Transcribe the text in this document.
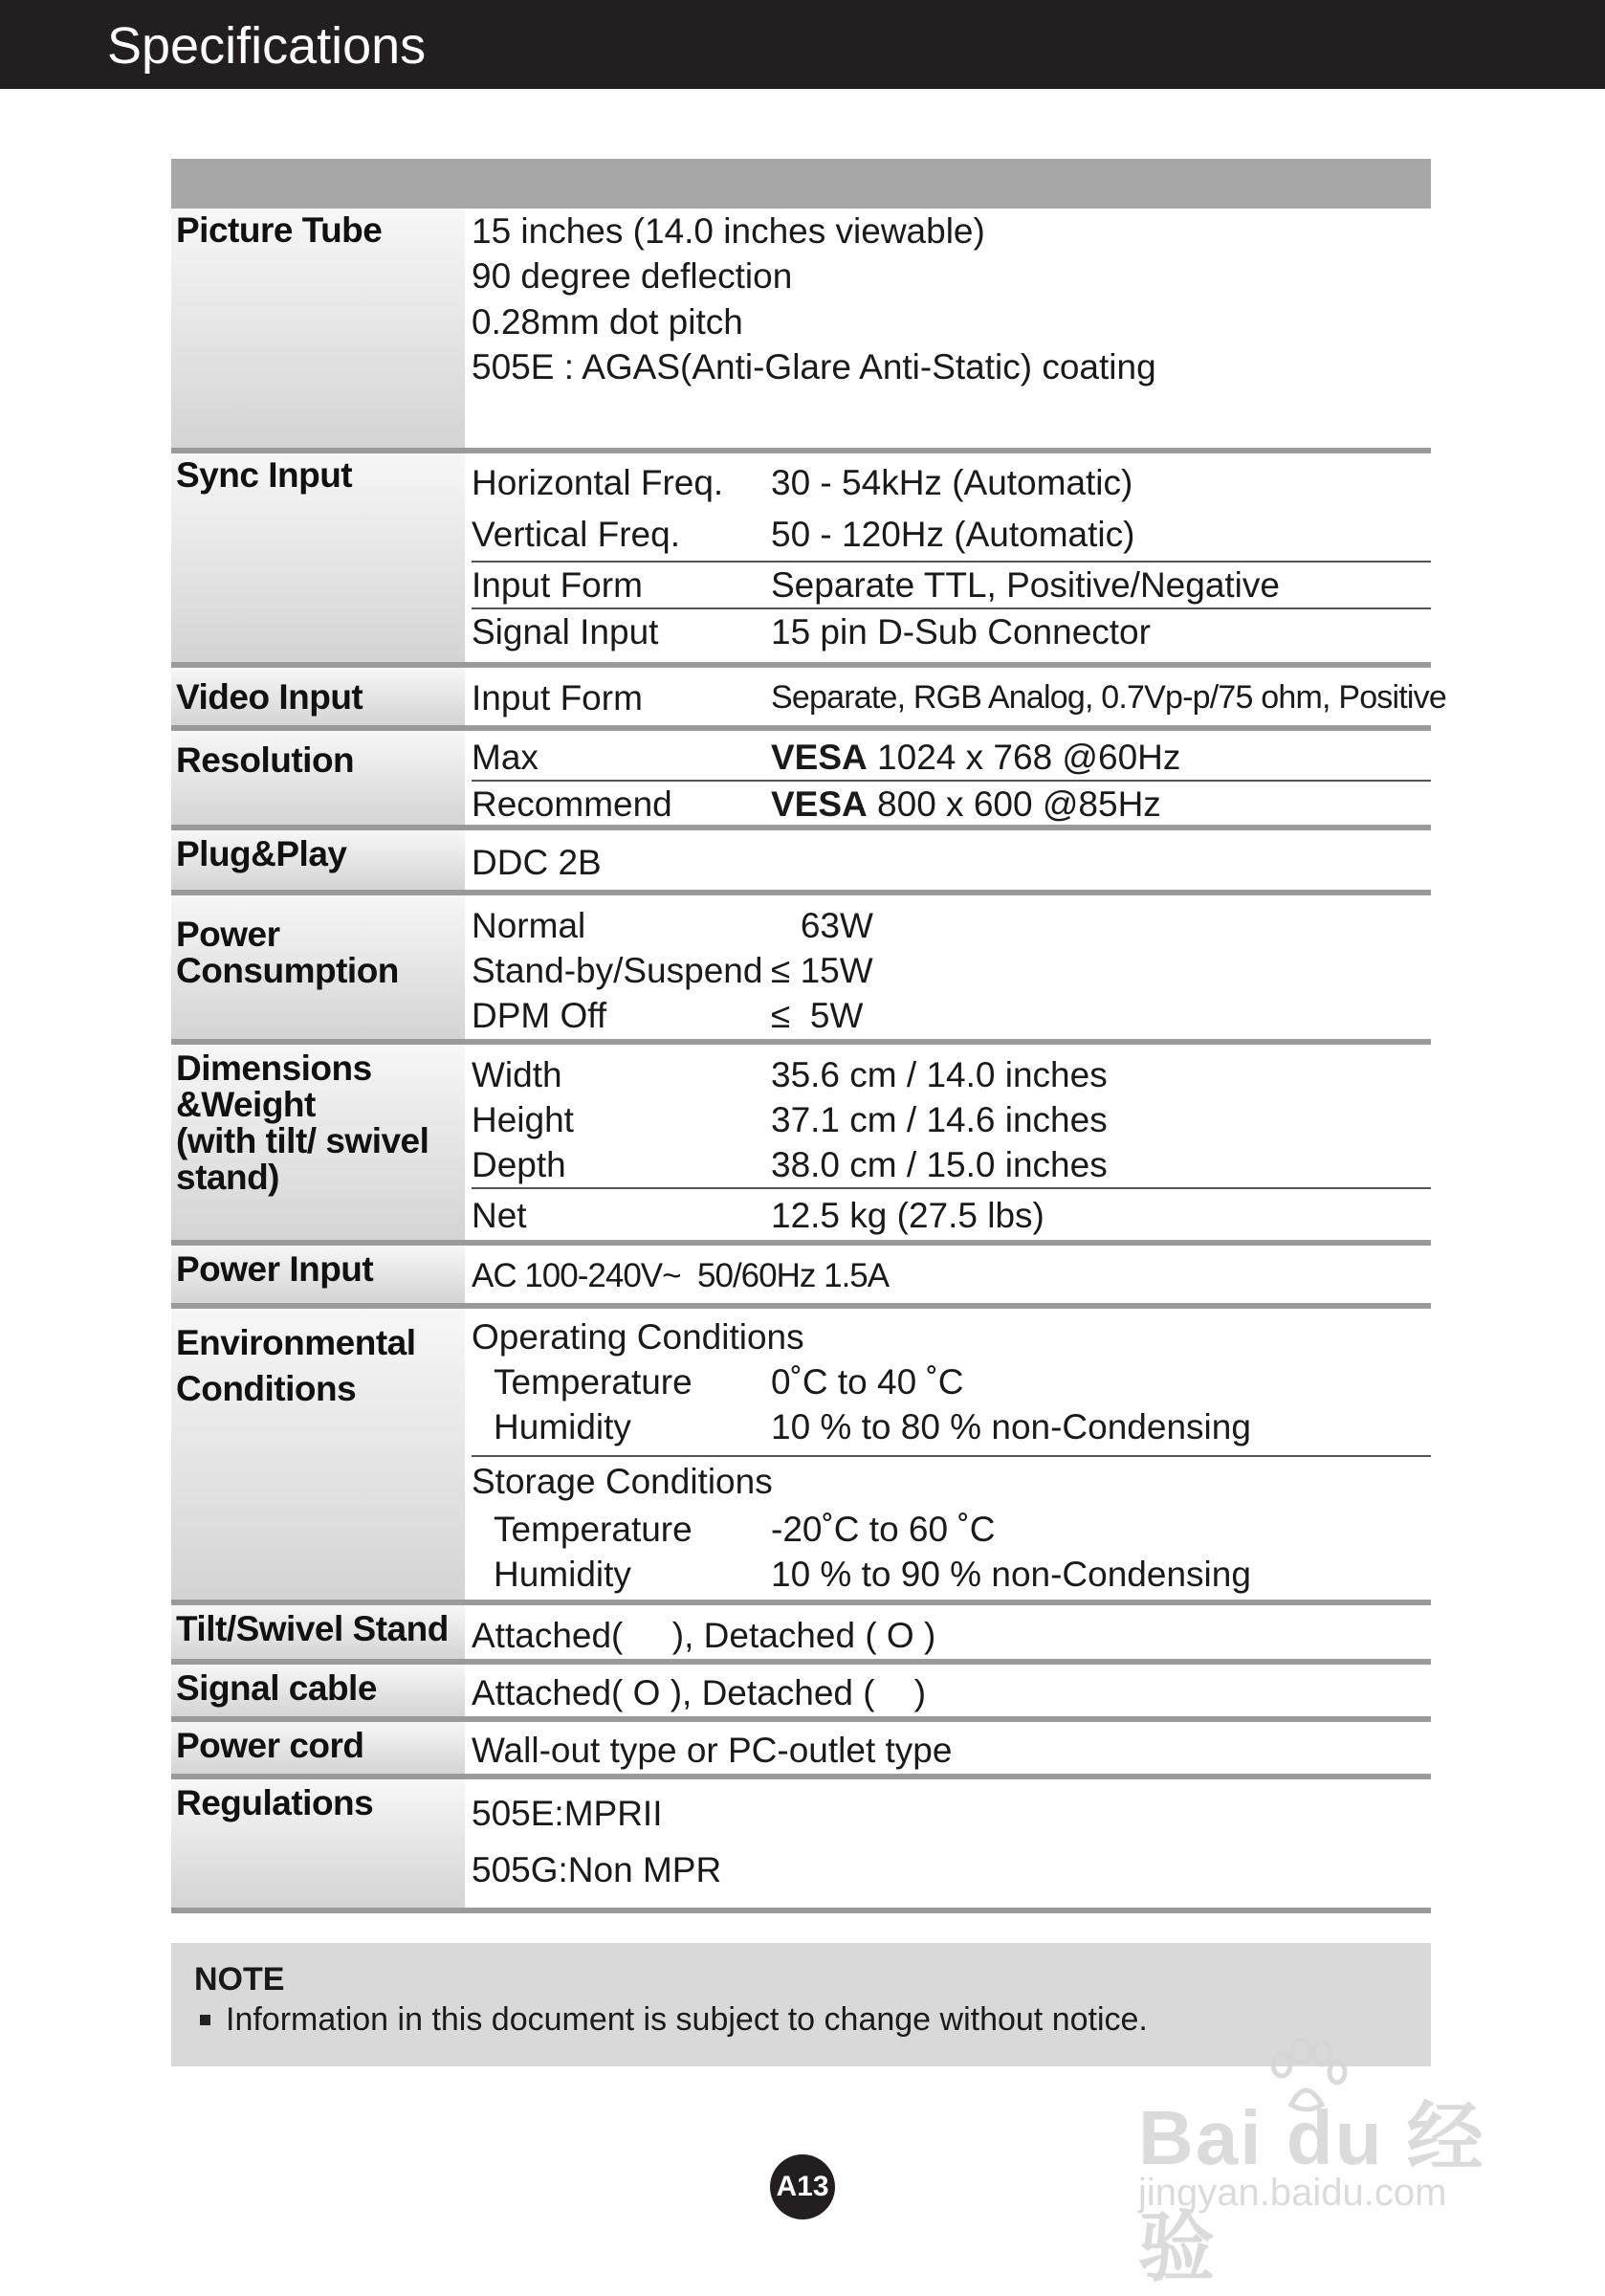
Specifications
Picture Tube	15 inches (14.0 inches viewable)
90 degree deflection
0.28mm dot pitch
505E : AGAS(Anti-Glare Anti-Static) coating
Sync Input	Horizontal Freq.	30 - 54kHz (Automatic)
Vertical Freq.	50 - 120Hz (Automatic)
Input Form	Separate TTL, Positive/Negative
Signal Input	15 pin D-Sub Connector
Video Input	Input Form	Separate, RGB Analog, 0.7Vp-p/75 ohm, Positive
Resolution	Max	VESA 1024 x 768 @60Hz
Recommend	VESA 800 x 600 @85Hz
Plug&Play	DDC 2B
Power
Consumption
Normal	63W
Stand-by/Suspend ≤ 15W
DPM Off	≤  5W
Dimensions
&Weight
(with tilt/ swivel
stand)
Width	35.6 cm / 14.0 inches
Height	37.1 cm / 14.6 inches
Depth	38.0 cm / 15.0 inches
Net	12.5 kg (27.5 lbs)
Power Input	AC 100-240V~  50/60Hz 1.5A
Environmental
Conditions
Operating Conditions
Temperature	0˚C to 40 ˚C
Humidity	10 % to 80 % non-Condensing
Storage Conditions
Temperature	-20˚C to 60 ˚C
Humidity	10 % to 90 % non-Condensing
Tilt/Swivel Stand Attached(     ), Detached ( O )
Signal cable	Attached( O ), Detached (    )
Power cord	Wall-out type or PC-outlet type
Regulations	505E:MPRII
505G:Non MPR
NOTE
Information in this document is subject to change without notice.
A13
Bai du 经验
jingyan.baidu.com
